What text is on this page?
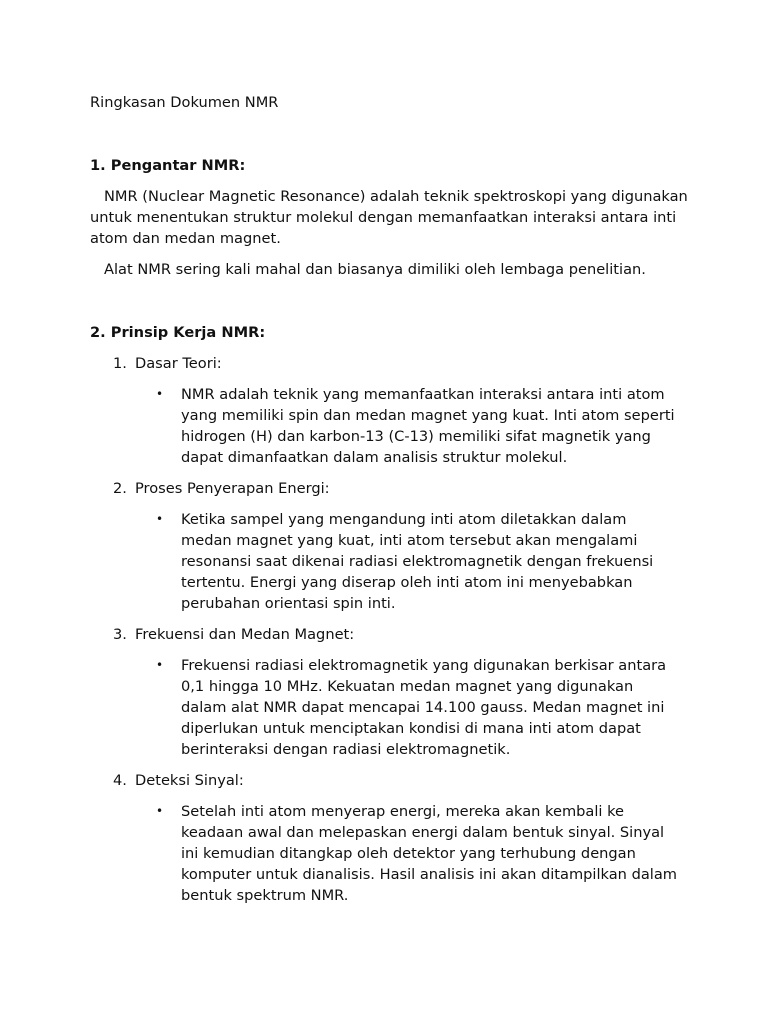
Ringkasan Dokumen NMR

1. Pengantar NMR:

NMR (Nuclear Magnetic Resonance) adalah teknik spektroskopi yang digunakan untuk menentukan struktur molekul dengan memanfaatkan interaksi antara inti atom dan medan magnet.

Alat NMR sering kali mahal dan biasanya dimiliki oleh lembaga penelitian.

2. Prinsip Kerja NMR:
1. Dasar Teori:
•	NMR adalah teknik yang memanfaatkan interaksi antara inti atom yang memiliki spin dan medan magnet yang kuat. Inti atom seperti hidrogen (H) dan karbon-13 (C-13) memiliki sifat magnetik yang dapat dimanfaatkan dalam analisis struktur molekul.
2. Proses Penyerapan Energi:
•	Ketika sampel yang mengandung inti atom diletakkan dalam medan magnet yang kuat, inti atom tersebut akan mengalami resonansi saat dikenai radiasi elektromagnetik dengan frekuensi tertentu. Energi yang diserap oleh inti atom ini menyebabkan perubahan orientasi spin inti.
3. Frekuensi dan Medan Magnet:
•	Frekuensi radiasi elektromagnetik yang digunakan berkisar antara 0,1 hingga 10 MHz. Kekuatan medan magnet yang digunakan dalam alat NMR dapat mencapai 14.100 gauss. Medan magnet ini diperlukan untuk menciptakan kondisi di mana inti atom dapat berinteraksi dengan radiasi elektromagnetik.
4. Deteksi Sinyal:
•	Setelah inti atom menyerap energi, mereka akan kembali ke keadaan awal dan melepaskan energi dalam bentuk sinyal. Sinyal ini kemudian ditangkap oleh detektor yang terhubung dengan komputer untuk dianalisis. Hasil analisis ini akan ditampilkan dalam bentuk spektrum NMR.
